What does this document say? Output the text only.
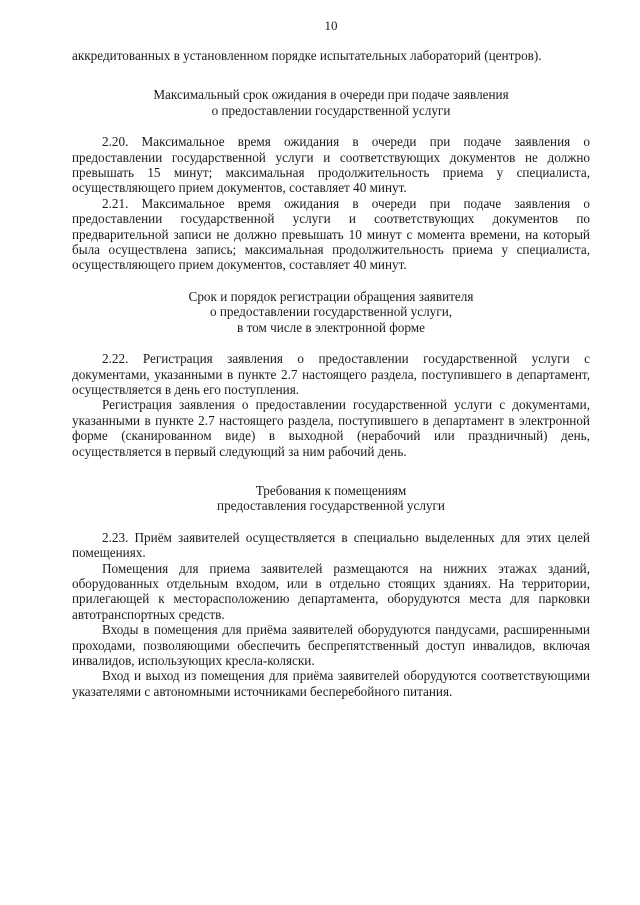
10

аккредитованных в установленном порядке испытательных лабораторий (центров).

Максимальный срок ожидания в очереди при подаче заявления
о предоставлении государственной услуги

2.20. Максимальное время ожидания в очереди при подаче заявления о предоставлении государственной услуги и соответствующих документов не должно превышать 15 минут; максимальная продолжительность приема у специалиста, осуществляющего прием документов, составляет 40 минут.

2.21. Максимальное время ожидания в очереди при подаче заявления о предоставлении государственной услуги и соответствующих документов по предварительной записи не должно превышать 10 минут с момента времени, на который была осуществлена запись; максимальная продолжительность приема у специалиста, осуществляющего прием документов, составляет 40 минут.

Срок и порядок регистрации обращения заявителя
о предоставлении государственной услуги,
в том числе в электронной форме

2.22. Регистрация заявления о предоставлении государственной услуги с документами, указанными в пункте 2.7 настоящего раздела, поступившего в департамент, осуществляется в день его поступления.

Регистрация заявления о предоставлении государственной услуги с документами, указанными в пункте 2.7 настоящего раздела, поступившего в департамент в электронной форме (сканированном виде) в выходной (нерабочий или праздничный) день, осуществляется в первый следующий за ним рабочий день.

Требования к помещениям
предоставления государственной услуги

2.23. Приём заявителей осуществляется в специально выделенных для этих целей помещениях.

Помещения для приема заявителей размещаются на нижних этажах зданий, оборудованных отдельным входом, или в отдельно стоящих зданиях. На территории, прилегающей к месторасположению департамента, оборудуются места для парковки автотранспортных средств.

Входы в помещения для приёма заявителей оборудуются пандусами, расширенными проходами, позволяющими обеспечить беспрепятственный доступ инвалидов, включая инвалидов, использующих кресла-коляски.

Вход и выход из помещения для приёма заявителей оборудуются соответствующими указателями с автономными источниками бесперебойного питания.
